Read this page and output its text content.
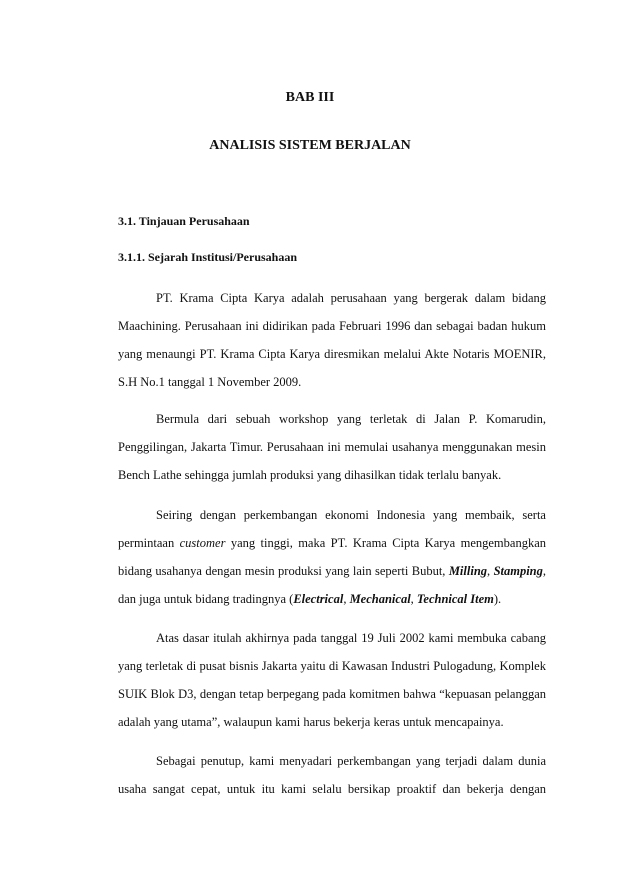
BAB III
ANALISIS SISTEM BERJALAN
3.1. Tinjauan Perusahaan
3.1.1. Sejarah Institusi/Perusahaan
PT. Krama Cipta Karya adalah perusahaan yang bergerak dalam bidang
Maachining. Perusahaan ini didirikan pada Februari 1996 dan sebagai badan hukum
yang menaungi PT. Krama Cipta Karya diresmikan melalui Akte Notaris MOENIR,
S.H No.1 tanggal 1 November 2009.
Bermula dari sebuah workshop yang terletak di Jalan P. Komarudin,
Penggilingan, Jakarta Timur. Perusahaan ini memulai usahanya menggunakan mesin
Bench Lathe sehingga jumlah produksi yang dihasilkan tidak terlalu banyak.
Seiring dengan perkembangan ekonomi Indonesia yang membaik, serta
permintaan customer yang tinggi, maka PT. Krama Cipta Karya mengembangkan
bidang usahanya dengan mesin produksi yang lain seperti Bubut, Milling, Stamping,
dan juga untuk bidang tradingnya (Electrical, Mechanical, Technical Item).
Atas dasar itulah akhirnya pada tanggal 19 Juli 2002 kami membuka cabang
yang terletak di pusat bisnis Jakarta yaitu di Kawasan Industri Pulogadung, Komplek
SUIK Blok D3, dengan tetap berpegang pada komitmen bahwa “kepuasan pelanggan
adalah yang utama”, walaupun kami harus bekerja keras untuk mencapainya.
Sebagai penutup, kami menyadari perkembangan yang terjadi dalam dunia
usaha sangat cepat, untuk itu kami selalu bersikap proaktif dan bekerja dengan
